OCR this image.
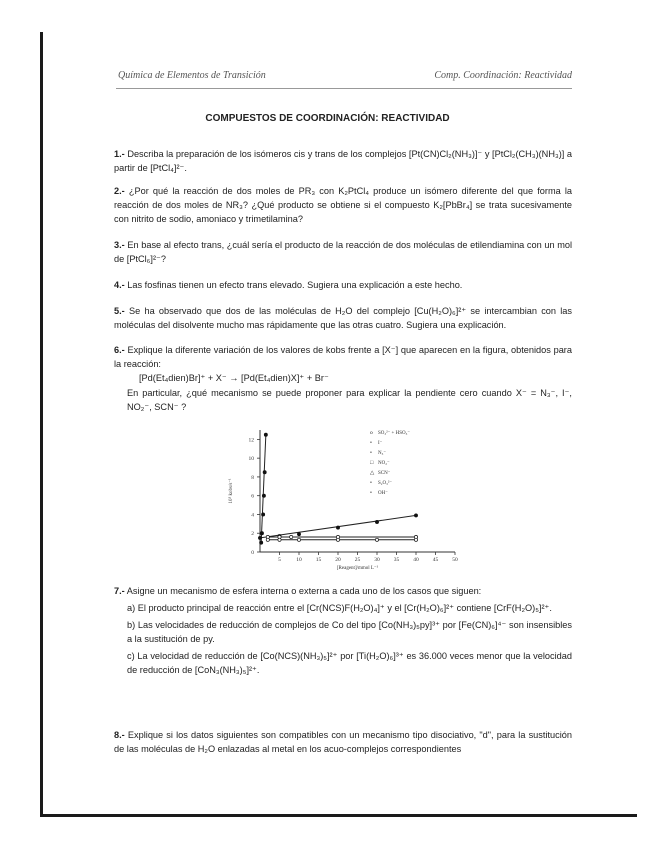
Química de Elementos de Transición	Comp. Coordinación: Reactividad
COMPUESTOS DE COORDINACIÓN: REACTIVIDAD
1.- Describa la preparación de los isómeros cis y trans de los complejos [Pt(CN)Cl₂(NH₃)]⁻ y [PtCl₂(CH₃)(NH₃)] a partir de [PtCl₄]²⁻.
2.- ¿Por qué la reacción de dos moles de PR₃ con K₂PtCl₄ produce un isómero diferente del que forma la reacción de dos moles de NR₃? ¿Qué producto se obtiene si el compuesto K₂[PbBr₄] se trata sucesivamente con nitrito de sodio, amoniaco y trimetilamina?
3.- En base al efecto trans, ¿cuál sería el producto de la reacción de dos moléculas de etilendiamina con un mol de [PtCl₆]²⁻?
4.- Las fosfinas tienen un efecto trans elevado. Sugiera una explicación a este hecho.
5.- Se ha observado que dos de las moléculas de H₂O del complejo [Cu(H₂O)₆]²⁺ se intercambian con las moléculas del disolvente mucho mas rápidamente que las otras cuatro. Sugiera una explicación.
6.- Explique la diferente variación de los valores de kobs frente a [X⁻] que aparecen en la figura, obtenidos para la reacción:
[Pd(Et₄dien)Br]⁺ + X⁻ → [Pd(Et₄dien)X]⁺ + Br⁻
En particular, ¿qué mecanismo se puede proponer para explicar la pendiente cero cuando X⁻ = N₃⁻, I⁻, NO₂⁻, SCN⁻ ?
0
2
4
6
8
10
12
5	10	15	20	25	30	35	40	45	50
[Reagent]/mmol L⁻¹
10⁵ kobs/s⁻¹
o SO₃²⁻ + HSO₃⁻
• I⁻
• N₃⁻
□ NO₂⁻
△ SCN⁻
• S₂O₃²⁻
• OH⁻
7.- Asigne un mecanismo de esfera interna o externa a cada uno de los casos que siguen:
a) El producto principal de reacción entre el [Cr(NCS)F(H₂O)₄]⁺ y el [Cr(H₂O)₆]²⁺ contiene [CrF(H₂O)₅]²⁺.
b) Las velocidades de reducción de complejos de Co del tipo [Co(NH₃)₅py]³⁺ por [Fe(CN)₆]⁴⁻ son insensibles a la sustitución de py.
c) La velocidad de reducción de [Co(NCS)(NH₃)₅]²⁺ por [Ti(H₂O)₆]³⁺ es 36.000 veces menor que la velocidad de reducción de [CoN₃(NH₃)₅]²⁺.
8.- Explique si los datos siguientes son compatibles con un mecanismo tipo disociativo, "d", para la sustitución de las moléculas de H₂O enlazadas al metal en los acuo-complejos correspondientes
